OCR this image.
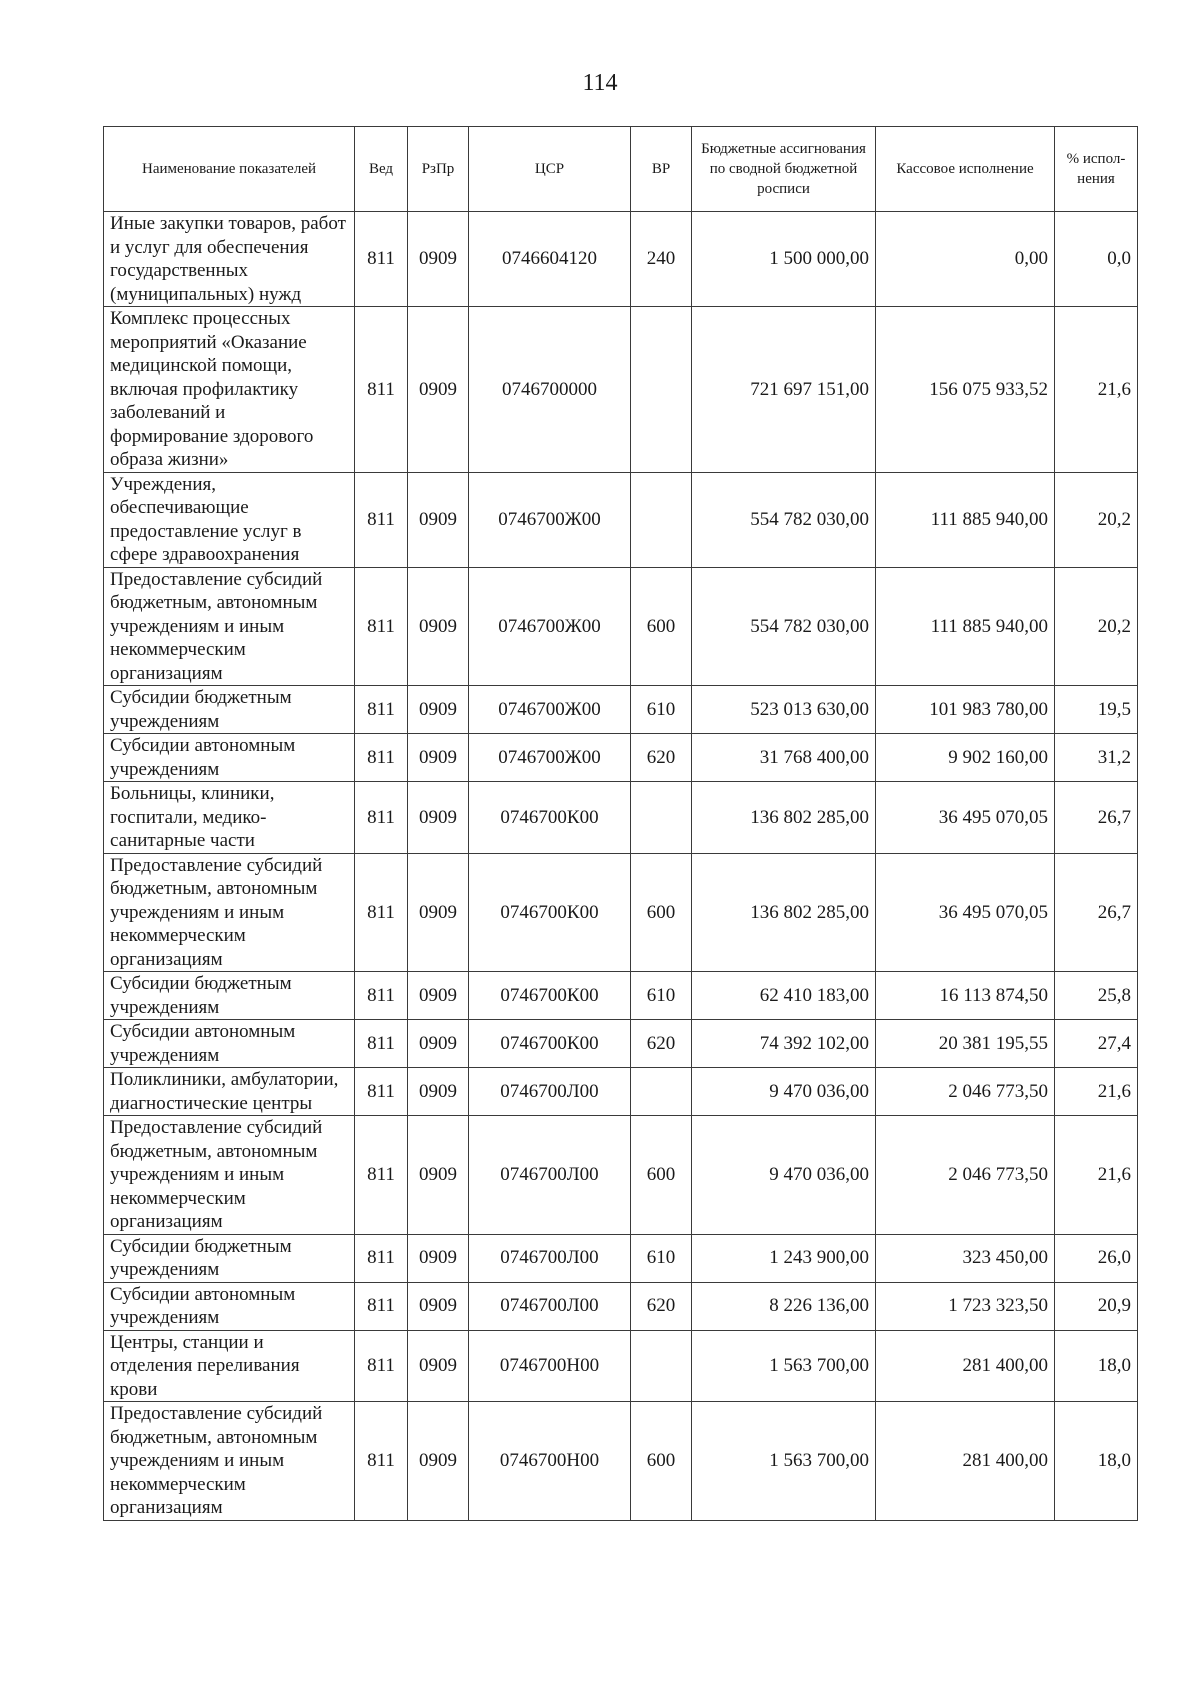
114
Наименование показателей	Вед	РзПр	ЦСР	ВР	Бюджетные ассигнования по сводной бюджетной росписи	Кассовое исполнение	% испол-нения
Иные закупки товаров, работ и услуг для обеспечения государственных (муниципальных) нужд	811	0909	0746604120	240	1 500 000,00	0,00	0,0
Комплекс процессных мероприятий «Оказание медицинской помощи, включая профилактику заболеваний и формирование здорового образа жизни»	811	0909	0746700000		721 697 151,00	156 075 933,52	21,6
Учреждения, обеспечивающие предоставление услуг в сфере здравоохранения	811	0909	0746700Ж00		554 782 030,00	111 885 940,00	20,2
Предоставление субсидий бюджетным, автономным учреждениям и иным некоммерческим организациям	811	0909	0746700Ж00	600	554 782 030,00	111 885 940,00	20,2
Субсидии бюджетным учреждениям	811	0909	0746700Ж00	610	523 013 630,00	101 983 780,00	19,5
Субсидии автономным учреждениям	811	0909	0746700Ж00	620	31 768 400,00	9 902 160,00	31,2
Больницы, клиники, госпитали, медико-санитарные части	811	0909	0746700К00		136 802 285,00	36 495 070,05	26,7
Предоставление субсидий бюджетным, автономным учреждениям и иным некоммерческим организациям	811	0909	0746700К00	600	136 802 285,00	36 495 070,05	26,7
Субсидии бюджетным учреждениям	811	0909	0746700К00	610	62 410 183,00	16 113 874,50	25,8
Субсидии автономным учреждениям	811	0909	0746700К00	620	74 392 102,00	20 381 195,55	27,4
Поликлиники, амбулатории, диагностические центры	811	0909	0746700Л00		9 470 036,00	2 046 773,50	21,6
Предоставление субсидий бюджетным, автономным учреждениям и иным некоммерческим организациям	811	0909	0746700Л00	600	9 470 036,00	2 046 773,50	21,6
Субсидии бюджетным учреждениям	811	0909	0746700Л00	610	1 243 900,00	323 450,00	26,0
Субсидии автономным учреждениям	811	0909	0746700Л00	620	8 226 136,00	1 723 323,50	20,9
Центры, станции и отделения переливания крови	811	0909	0746700Н00		1 563 700,00	281 400,00	18,0
Предоставление субсидий бюджетным, автономным учреждениям и иным некоммерческим организациям	811	0909	0746700Н00	600	1 563 700,00	281 400,00	18,0
